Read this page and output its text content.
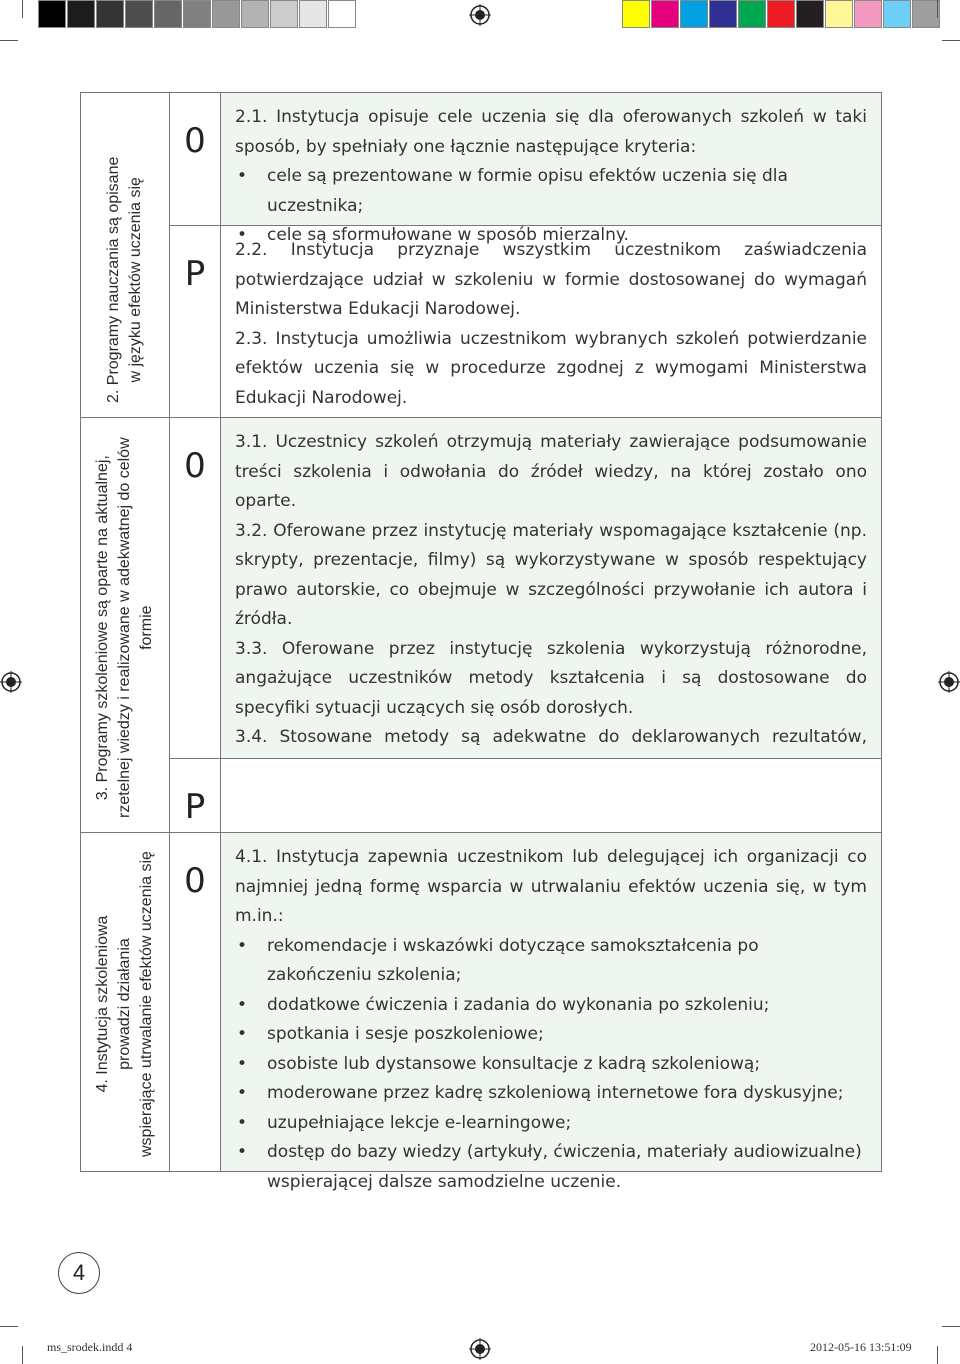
2. Programy nauczania są opisane w języku efektów uczenia się
0
P

2.1. Instytucja opisuje cele uczenia się dla oferowanych szkoleń w taki sposób, by spełniały one łącznie następujące kryteria:

• cele są prezentowane w formie opisu efektów uczenia się dla uczestnika;
• cele są sformułowane w sposób mierzalny.

2.2. Instytucja przyznaje wszystkim uczestnikom zaświadczenia potwierdzające udział w szkoleniu w formie dostosowanej do wymagań Ministerstwa Edukacji Narodowej.

2.3. Instytucja umożliwia uczestnikom wybranych szkoleń potwierdzanie efektów uczenia się w procedurze zgodnej z wymogami Ministerstwa Edukacji Narodowej.

3. Programy szkoleniowe są oparte na aktualnej, rzetelnej wiedzy i realizowane w adekwatnej do celów formie
0
P

3.1. Uczestnicy szkoleń otrzymują materiały zawierające podsumowanie treści szkolenia i odwołania do źródeł wiedzy, na której zostało ono oparte.

3.2. Oferowane przez instytucję materiały wspomagające kształcenie (np. skrypty, prezentacje, filmy) są wykorzystywane w sposób respektujący prawo autorskie, co obejmuje w szczególności przywołanie ich autora i źródła.

3.3. Oferowane przez instytucję szkolenia wykorzystują różnorodne, angażujące uczestników metody kształcenia i są dostosowane do specyfiki sytuacji uczących się osób dorosłych.

3.4. Stosowane metody są adekwatne do deklarowanych rezultatów,

4. Instytucja szkoleniowa prowadzi działania wspierające utrwalanie efektów uczenia się 0

4.1. Instytucja zapewnia uczestnikom lub delegującej ich organizacji co najmniej jedną formę wsparcia w utrwalaniu efektów uczenia się, w tym m.in.:

• rekomendacje i wskazówki dotyczące samokształcenia po zakończeniu szkolenia;
• dodatkowe ćwiczenia i zadania do wykonania po szkoleniu;
• spotkania i sesje poszkoleniowe;
• osobiste lub dystansowe konsultacje z kadrą szkoleniową;
• moderowane przez kadrę szkoleniową internetowe fora dyskusyjne;
• uzupełniające lekcje e-learningowe;
• dostęp do bazy wiedzy (artykuły, ćwiczenia, materiały audiowizualne) wspierającej dalsze samodzielne uczenie.
4
ms_srodek.indd 4	2012-05-16 13:51:09
